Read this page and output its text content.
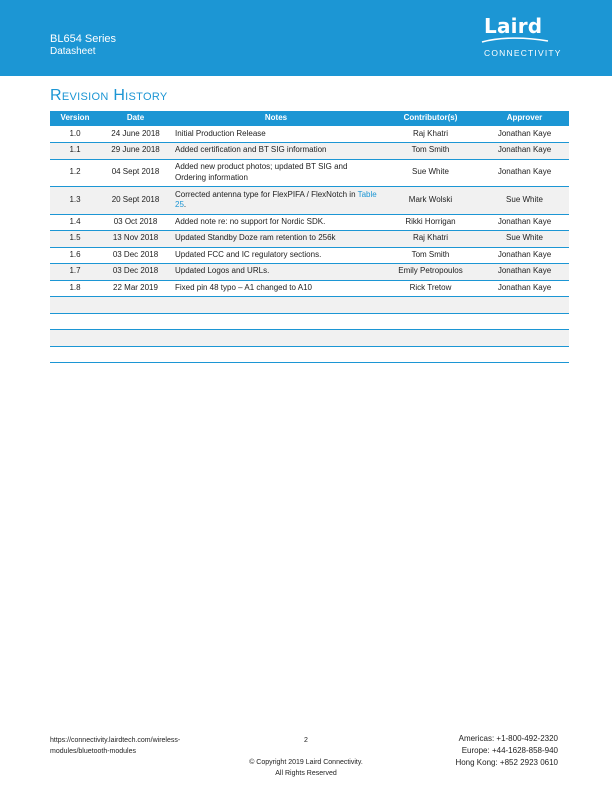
BL654 Series
Datasheet
Laird
CONNECTIVITY
Revision History
Version	Date	Notes	Contributor(s)	Approver
1.0	24 June 2018	Initial Production Release	Raj Khatri	Jonathan Kaye
1.1	29 June 2018	Added certification and BT SIG information	Tom Smith	Jonathan Kaye
1.2	04 Sept 2018	Added new product photos; updated BT SIG and Ordering information	Sue White	Jonathan Kaye
1.3	20 Sept 2018	Corrected antenna type for FlexPIFA / FlexNotch in Table 25.	Mark Wolski	Sue White
1.4	03 Oct 2018	Added note re: no support for Nordic SDK.	Rikki Horrigan	Jonathan Kaye
1.5	13 Nov 2018	Updated Standby Doze ram retention to 256k	Raj Khatri	Sue White
1.6	03 Dec 2018	Updated FCC and IC regulatory sections.	Tom Smith	Jonathan Kaye
1.7	03 Dec 2018	Updated Logos and URLs.	Emily Petropoulos	Jonathan Kaye
1.8	22 Mar 2019	Fixed pin 48 typo – A1 changed to A10	Rick Tretow	Jonathan Kaye

https://connectivity.lairdtech.com/wireless-
modules/bluetooth-modules
2
© Copyright 2019 Laird Connectivity.
All Rights Reserved
Americas: +1-800-492-2320
Europe: +44-1628-858-940
Hong Kong: +852 2923 0610
